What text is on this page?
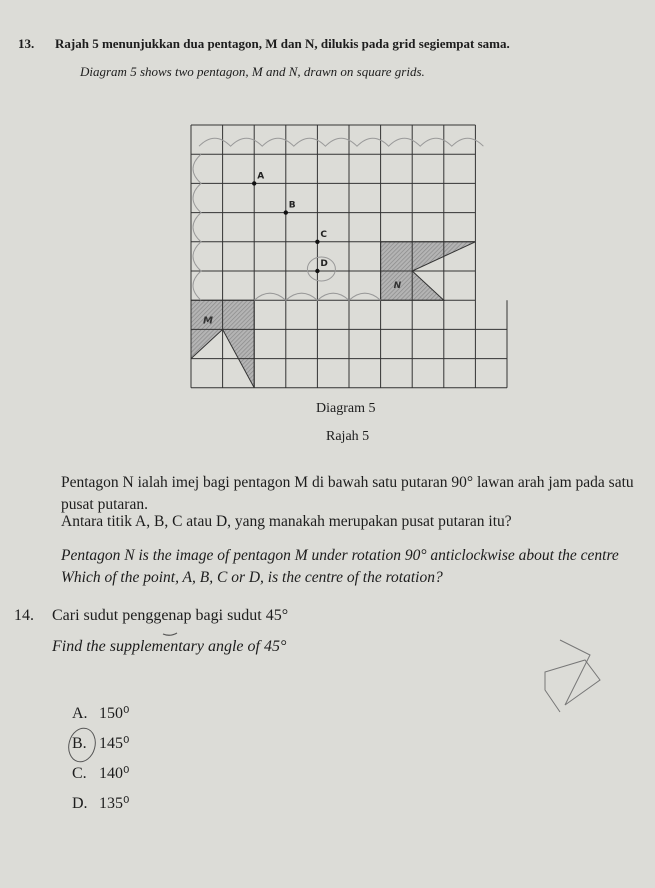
13. Rajah 5 menunjukkan dua pentagon, M dan N, dilukis pada grid segiempat sama.
Diagram 5 shows two pentagon, M and N, drawn on square grids.
A
B
C
D
M
N
Diagram 5
Rajah 5
Pentagon N ialah imej bagi pentagon M di bawah satu putaran 90° lawan arah jam pada satu
pusat putaran.
Antara titik A, B, C atau D, yang manakah merupakan pusat putaran itu?
Pentagon N is the image of pentagon M under rotation 90° anticlockwise about the centre
Which of the point, A, B, C or D, is the centre of the rotation?
14. Cari sudut penggenap bagi sudut 45°
Find the supplementary angle of 45°
A. 150⁰
B. 145⁰
C. 140⁰
D. 135⁰
